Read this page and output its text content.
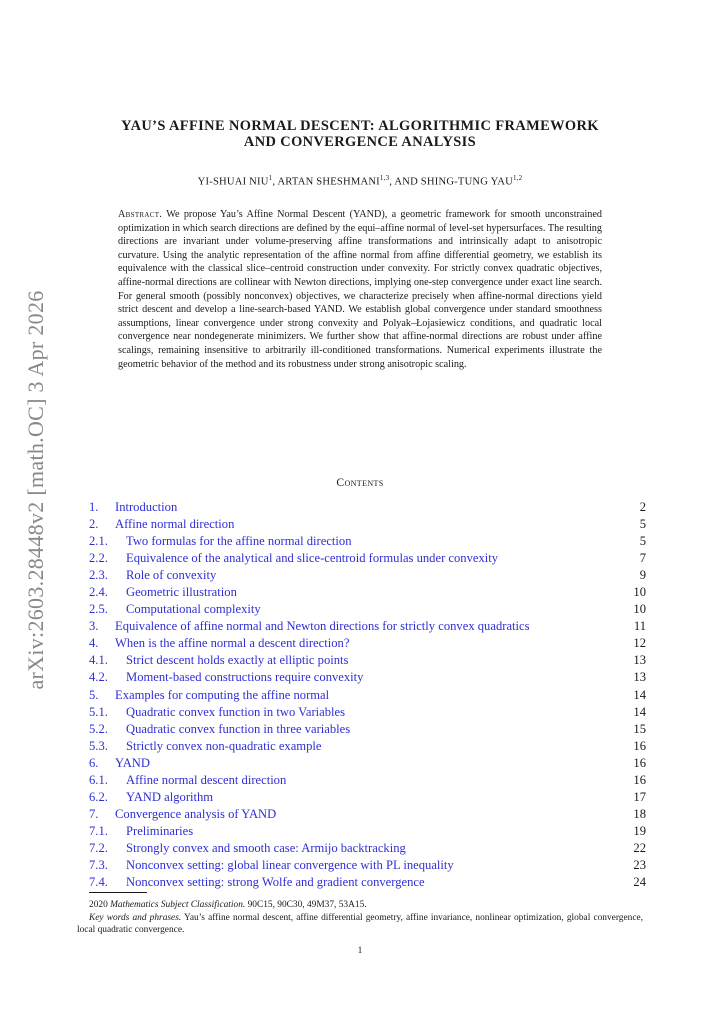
arXiv:2603.28448v2 [math.OC] 3 Apr 2026
YAU’S AFFINE NORMAL DESCENT: ALGORITHMIC FRAMEWORK
AND CONVERGENCE ANALYSIS
YI-SHUAI NIU$^1$, ARTAN SHESHMANI$^{1,3}$, AND SHING-TUNG YAU$^{1,2}$
Abstract. We propose Yau’s Affine Normal Descent (YAND), a geometric framework for smooth unconstrained optimization in which search directions are defined by the equi–affine normal of level-set hypersurfaces. The resulting directions are invariant under volume-preserving affine transformations and intrinsically adapt to anisotropic curvature. Using the analytic representation of the affine normal from affine differential geometry, we establish its equivalence with the classical slice–centroid construction under convexity. For strictly convex quadratic objectives, affine-normal directions are collinear with Newton directions, implying one-step convergence under exact line search. For general smooth (possibly nonconvex) objectives, we characterize precisely when affine-normal directions yield strict descent and develop a line-search-based YAND. We establish global convergence under standard smoothness assumptions, linear convergence under strong convexity and Polyak–Łojasiewicz conditions, and quadratic local convergence near nondegenerate minimizers. We further show that affine-normal directions are robust under affine scalings, remaining insensitive to arbitrarily ill-conditioned transformations. Numerical experiments illustrate the geometric behavior of the method and its robustness under strong anisotropic scaling.
Contents
1. Introduction	2
2. Affine normal direction	5
2.1. Two formulas for the affine normal direction	5
2.2. Equivalence of the analytical and slice-centroid formulas under convexity	7
2.3. Role of convexity	9
2.4. Geometric illustration	10
2.5. Computational complexity	10
3. Equivalence of affine normal and Newton directions for strictly convex quadratics	11
4. When is the affine normal a descent direction?	12
4.1. Strict descent holds exactly at elliptic points	13
4.2. Moment-based constructions require convexity	13
5. Examples for computing the affine normal	14
5.1. Quadratic convex function in two Variables	14
5.2. Quadratic convex function in three variables	15
5.3. Strictly convex non-quadratic example	16
6. YAND	16
6.1. Affine normal descent direction	16
6.2. YAND algorithm	17
7. Convergence analysis of YAND	18
7.1. Preliminaries	19
7.2. Strongly convex and smooth case: Armijo backtracking	22
7.3. Nonconvex setting: global linear convergence with PL inequality	23
7.4. Nonconvex setting: strong Wolfe and gradient convergence	24
2020 Mathematics Subject Classification. 90C15, 90C30, 49M37, 53A15.
Key words and phrases. Yau’s affine normal descent, affine differential geometry, affine invariance, nonlinear optimization, global convergence, local quadratic convergence.
1
